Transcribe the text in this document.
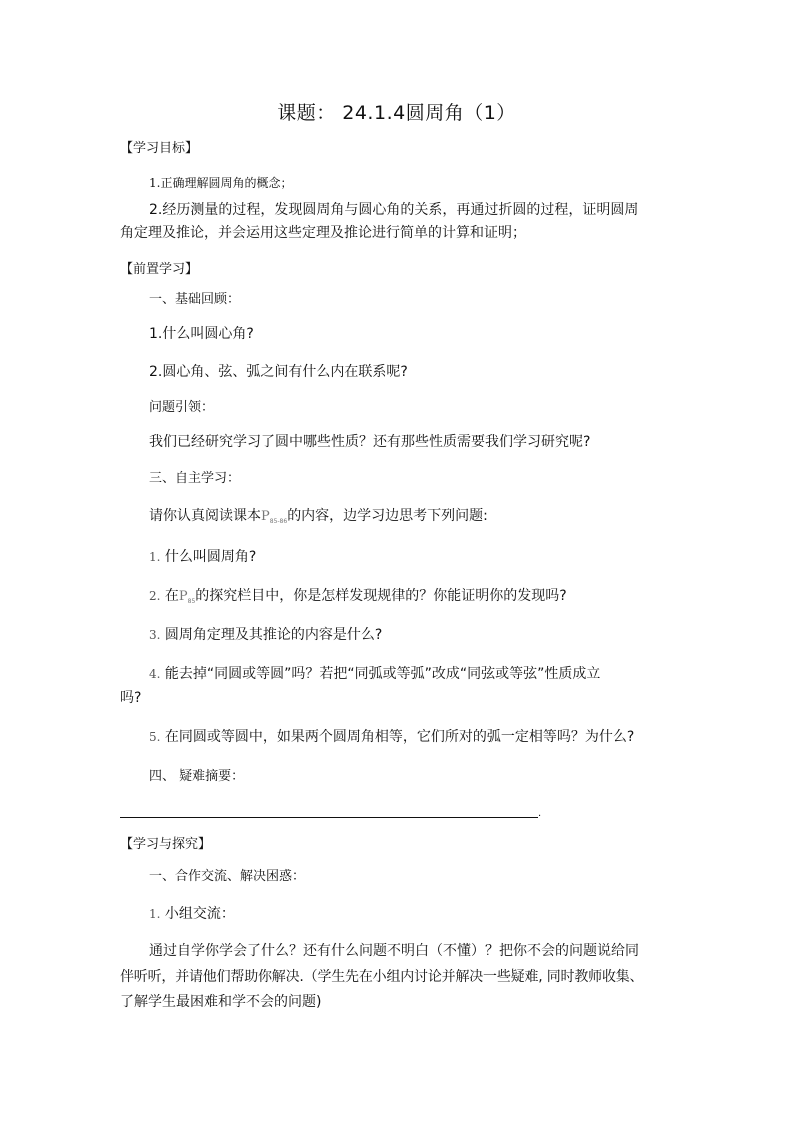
课题： 24.1.4圆周角（1）
【学习目标】
1.正确理解圆周角的概念；
2.经历测量的过程，发现圆周角与圆心角的关系，再通过折圆的过程，证明圆周
角定理及推论，并会运用这些定理及推论进行简单的计算和证明；
【前置学习】
一、基础回顾：
1.什么叫圆心角?
2.圆心角、弦、弧之间有什么内在联系呢?
问题引领：
我们已经研究学习了圆中哪些性质？还有那些性质需要我们学习研究呢?
三、自主学习：
请你认真阅读课本$P_{85-86}$的内容，边学习边思考下列问题:
1. 什么叫圆周角?
2. 在$P_{85}$的探究栏目中，你是怎样发现规律的？你能证明你的发现吗?
3. 圆周角定理及其推论的内容是什么?
4. 能去掉“同圆或等圆”吗？若把“同弧或等弧”改成“同弦或等弦”性质成立
吗?
5. 在同圆或等圆中，如果两个圆周角相等，它们所对的弧一定相等吗？为什么?
四、 疑难摘要：
.
【学习与探究】
一、合作交流、解决困惑：
1. 小组交流：
通过自学你学会了什么？还有什么问题不明白（不懂）？把你不会的问题说给同
伴听听，并请他们帮助你解决.（学生先在小组内讨论并解决一些疑难, 同时教师收集、
了解学生最困难和学不会的问题)
